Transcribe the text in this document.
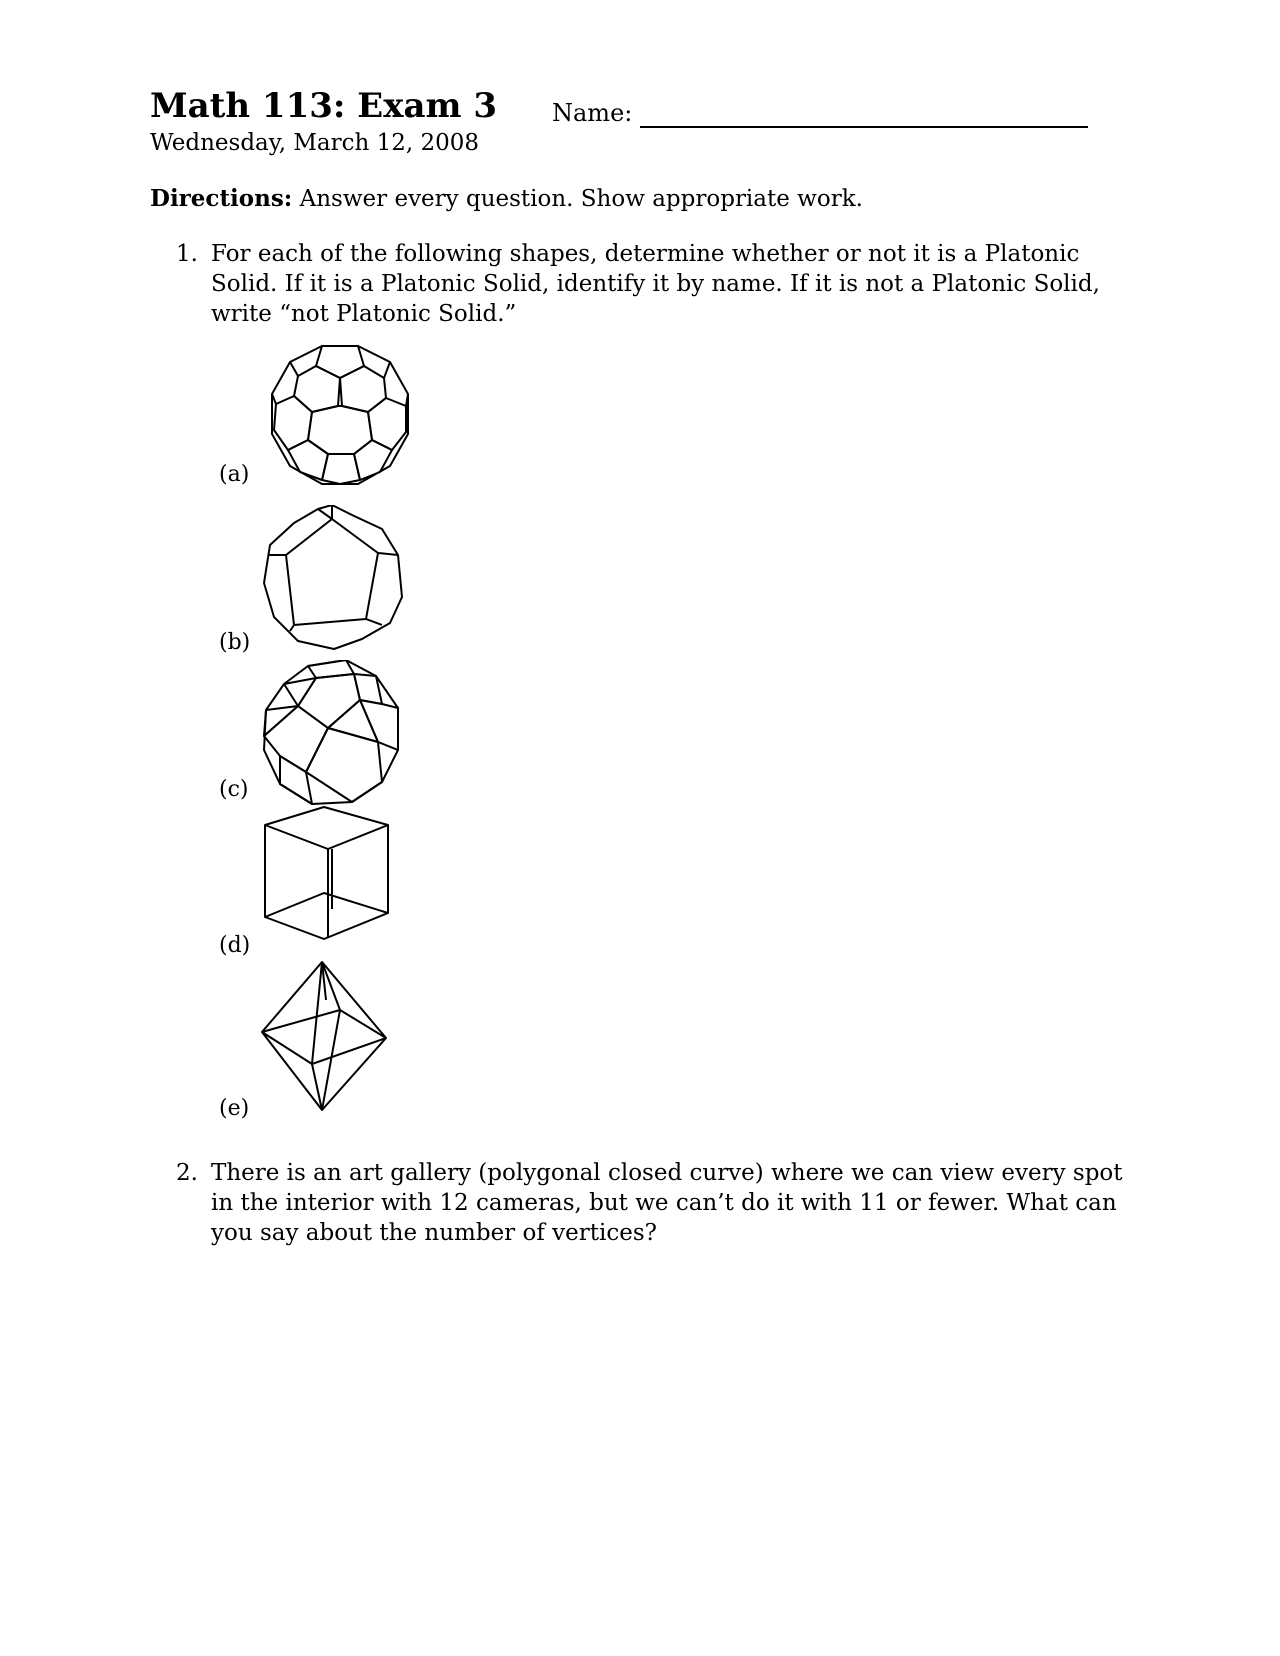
Math 113: Exam 3
Wednesday, March 12, 2008
Name:
Directions: Answer every question. Show appropriate work.
1. For each of the following shapes, determine whether or not it is a Platonic Solid. If it is a Platonic Solid, identify it by name. If it is not a Platonic Solid, write “not Platonic Solid.”
(a)
(b)
(c)
(d)
(e)
2. There is an art gallery (polygonal closed curve) where we can view every spot in the interior with 12 cameras, but we can’t do it with 11 or fewer. What can you say about the number of vertices?
